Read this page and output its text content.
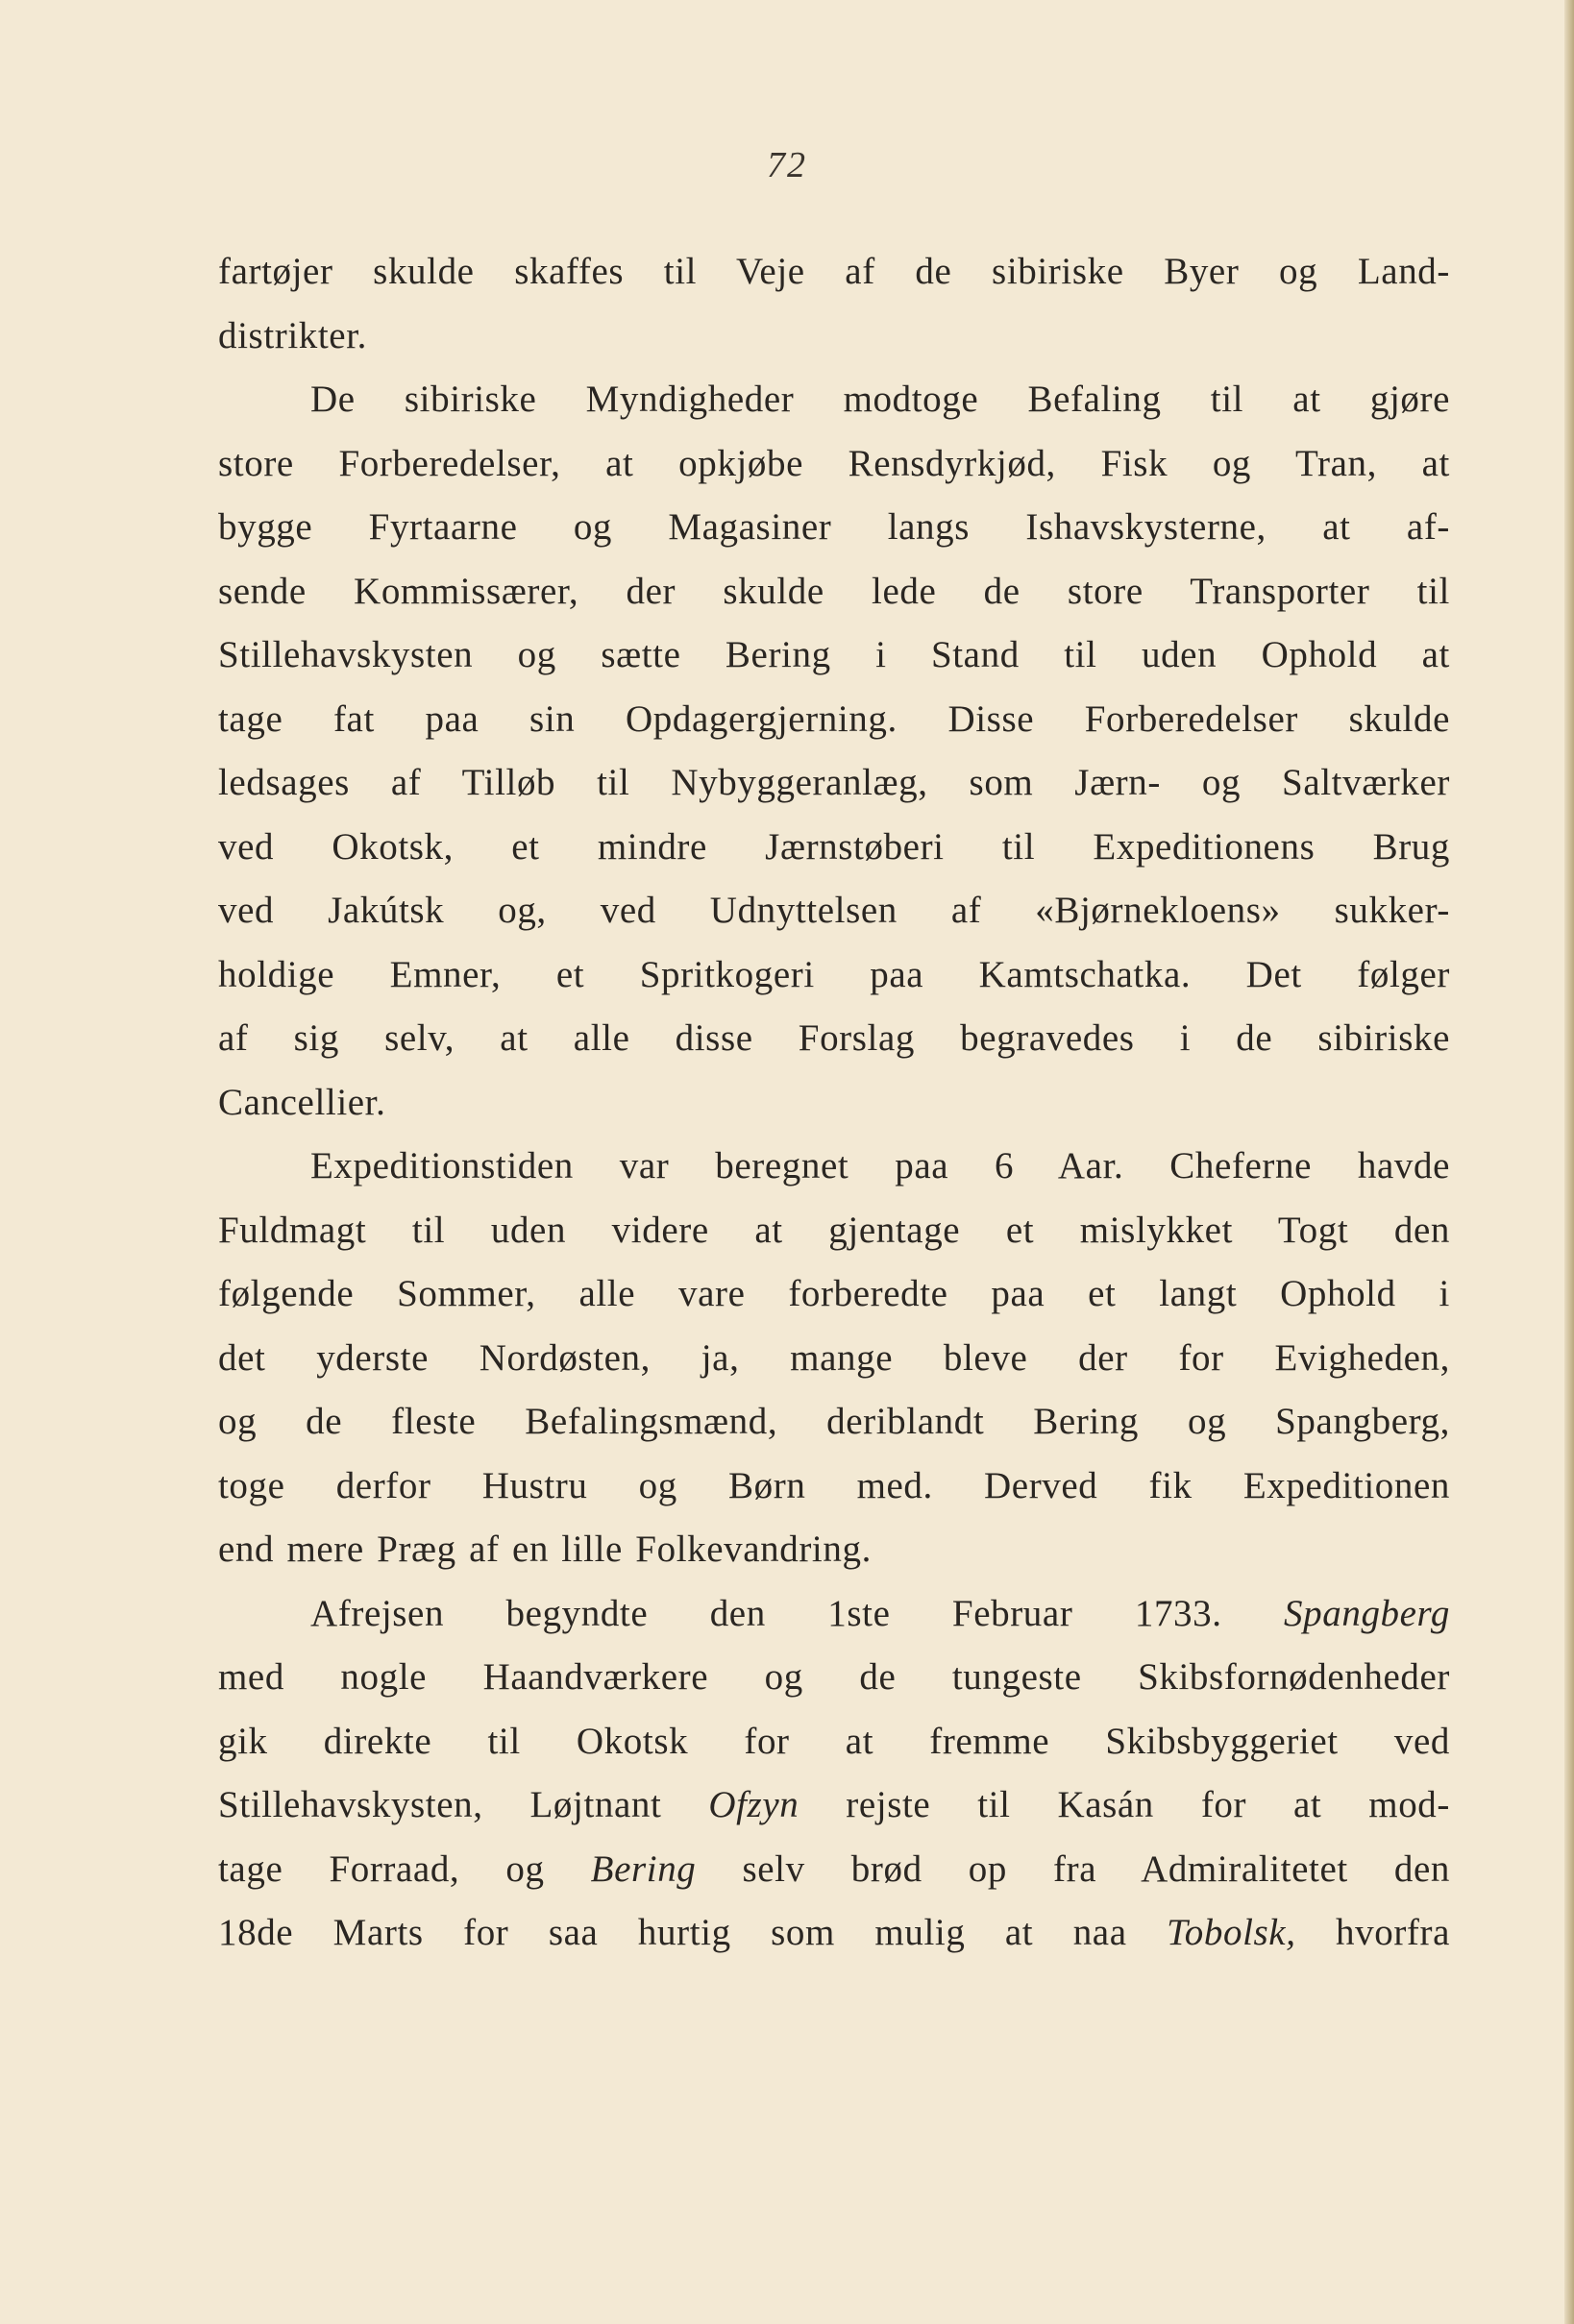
72
fartøjer skulde skaffes til Veje af de sibiriske Byer og Land-
distrikter.
De sibiriske Myndigheder modtoge Befaling til at gjøre
store Forberedelser, at opkjøbe Rensdyrkjød, Fisk og Tran, at
bygge Fyrtaarne og Magasiner langs Ishavskysterne, at af-
sende Kommissærer, der skulde lede de store Transporter til
Stillehavskysten og sætte Bering i Stand til uden Ophold at
tage fat paa sin Opdagergjerning. Disse Forberedelser skulde
ledsages af Tilløb til Nybyggeranlæg, som Jærn- og Saltværker
ved Okotsk, et mindre Jærnstøberi til Expeditionens Brug
ved Jakútsk og, ved Udnyttelsen af «Bjørnekloens» sukker-
holdige Emner, et Spritkogeri paa Kamtschatka. Det følger
af sig selv, at alle disse Forslag begravedes i de sibiriske
Cancellier.
Expeditionstiden var beregnet paa 6 Aar. Cheferne havde
Fuldmagt til uden videre at gjentage et mislykket Togt den
følgende Sommer, alle vare forberedte paa et langt Ophold i
det yderste Nordøsten, ja, mange bleve der for Evigheden,
og de fleste Befalingsmænd, deriblandt Bering og Spangberg,
toge derfor Hustru og Børn med. Derved fik Expeditionen
end mere Præg af en lille Folkevandring.
Afrejsen begyndte den 1ste Februar 1733. Spangberg
med nogle Haandværkere og de tungeste Skibsfornødenheder
gik direkte til Okotsk for at fremme Skibsbyggeriet ved
Stillehavskysten, Løjtnant Ofzyn rejste til Kasán for at mod-
tage Forraad, og Bering selv brød op fra Admiralitetet den
18de Marts for saa hurtig som mulig at naa Tobolsk, hvorfra
